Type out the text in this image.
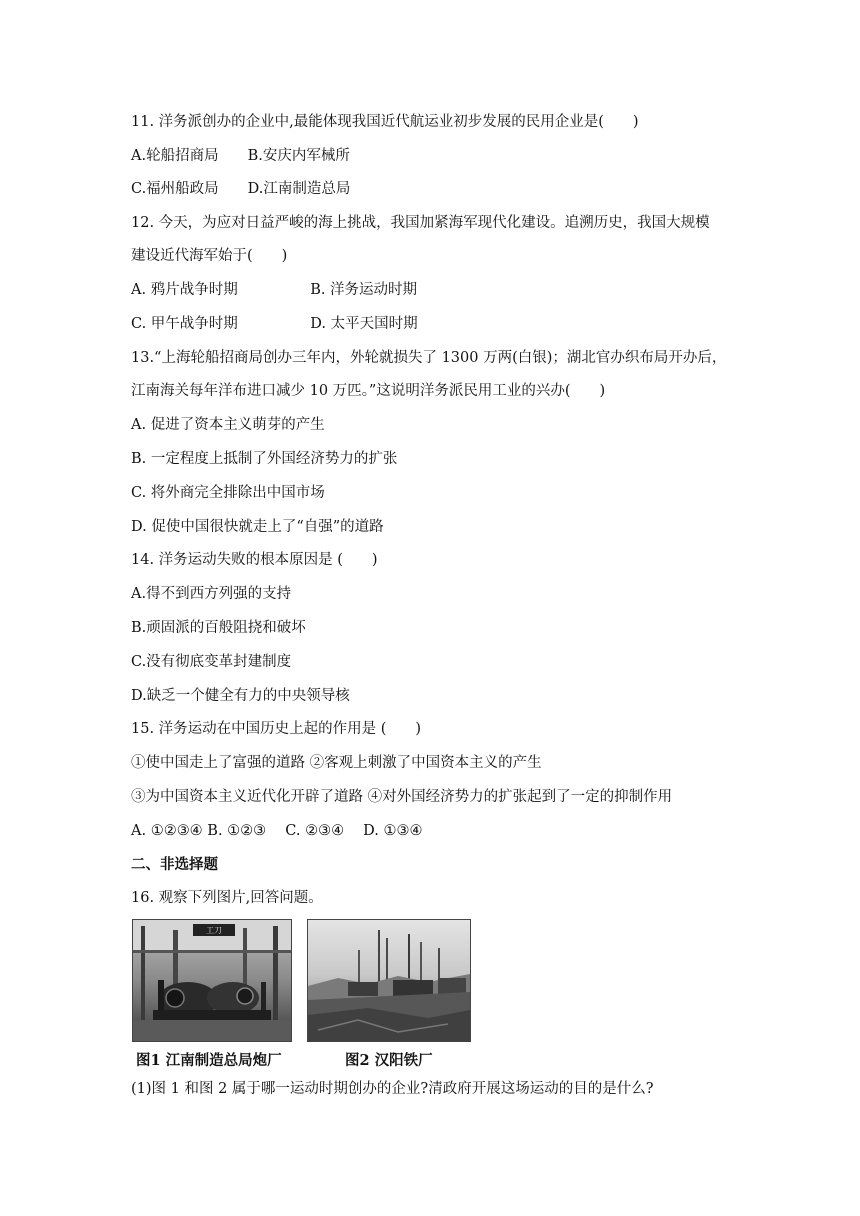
11. 洋务派创办的企业中,最能体现我国近代航运业初步发展的民用企业是(　　)
A.轮船招商局　　B.安庆内军械所
C.福州船政局　　D.江南制造总局
12. 今天，为应对日益严峻的海上挑战，我国加紧海军现代化建设。追溯历史，我国大规模
建设近代海军始于(　　)
A. 鸦片战争时期　　　　　B. 洋务运动时期
C. 甲午战争时期　　　　　D. 太平天国时期
13.“上海轮船招商局创办三年内，外轮就损失了 1300 万两(白银)；湖北官办织布局开办后，
江南海关每年洋布进口减少 10 万匹。”这说明洋务派民用工业的兴办(　　)
A. 促进了资本主义萌芽的产生
B. 一定程度上抵制了外国经济势力的扩张
C. 将外商完全排除出中国市场
D. 促使中国很快就走上了“自强”的道路
14. 洋务运动失败的根本原因是 (　　)
A.得不到西方列强的支持
B.顽固派的百般阻挠和破坏
C.没有彻底变革封建制度
D.缺乏一个健全有力的中央领导核
15. 洋务运动在中国历史上起的作用是 (　　)
①使中国走上了富强的道路 ②客观上刺激了中国资本主义的产生
③为中国资本主义近代化开辟了道路 ④对外国经济势力的扩张起到了一定的抑制作用
A. ①②③④ B. ①②③　 C. ②③④　 D. ①③④
二、非选择题
16. 观察下列图片,回答问题。
工刀
图1 江南制造总局炮厂	图2 汉阳铁厂
(1)图 1 和图 2 属于哪一运动时期创办的企业?清政府开展这场运动的目的是什么?
